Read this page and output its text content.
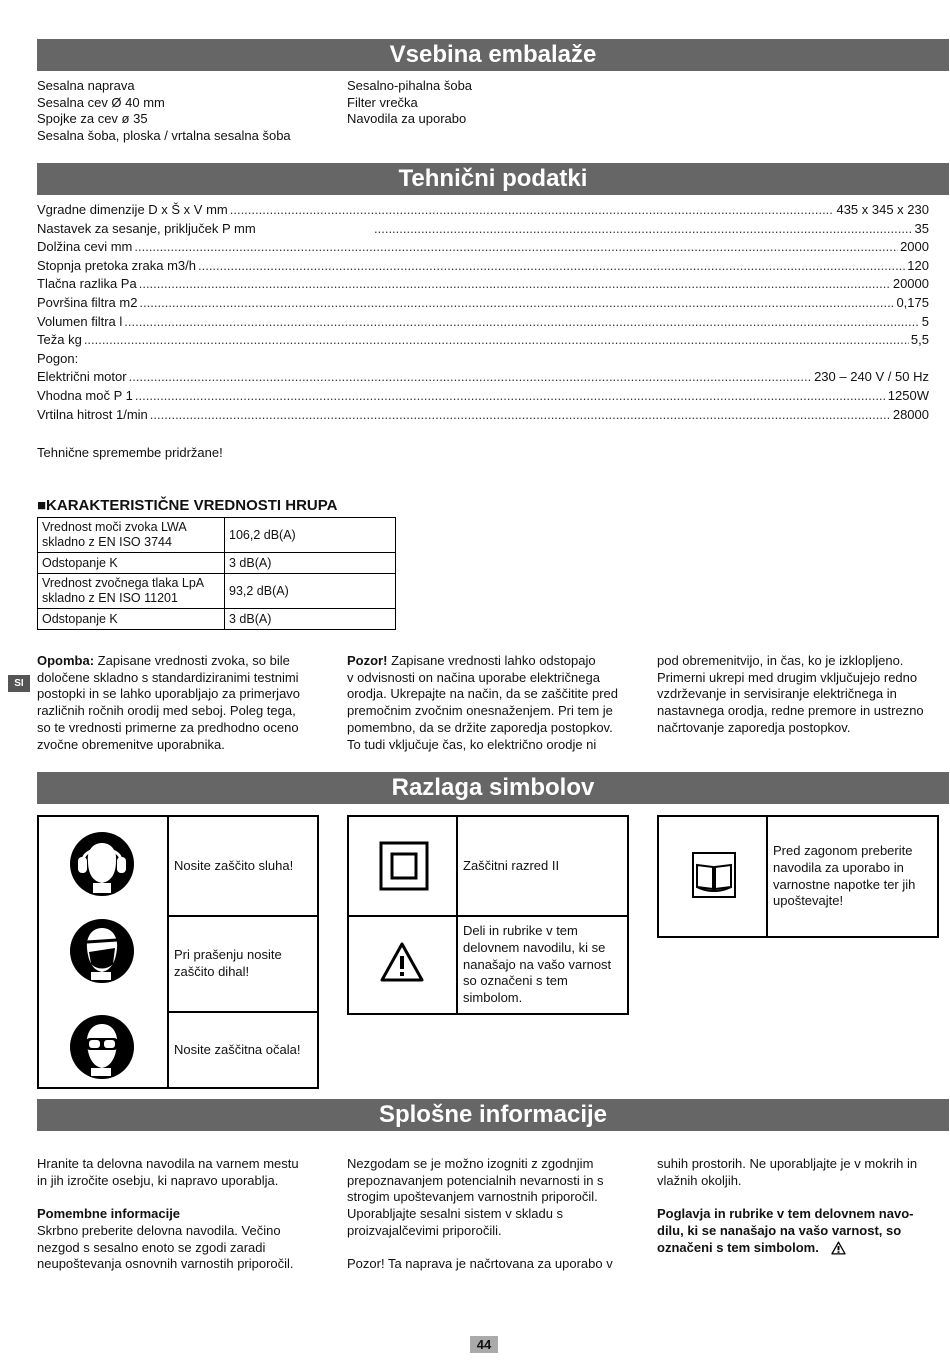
Vsebina embalaže
Tehnični podatki
Razlaga simbolov
Splošne informacije
Sesalna naprava
Sesalna cev Ø 40 mm
Spojke za cev ø 35
Sesalna šoba, ploska / vrtalna sesalna šoba
Sesalno-pihalna šoba
Filter vrečka
Navodila za uporabo
Vgradne dimenzije D x Š x V mm .....	435 x 345 x 230
Nastavek za sesanje, priključek P mm .....	35
Dolžina cevi mm .....	2000
Stopnja pretoka zraka m3/h .....	120
Tlačna razlika Pa .....	20000
Površina filtra m2 .....	0,175
Volumen filtra l .....	5
Teža kg .....	5,5
Pogon:
Električni motor .....	230 – 240 V / 50 Hz
Vhodna moč P 1 .....	1250W
Vrtilna hitrost 1/min .....	28000
Tehnične spremembe pridržane!
■KARAKTERISTIČNE VREDNOSTI HRUPA
Vrednost moči zvoka LWA
skladno z EN ISO 3744	106,2 dB(A)
Odstopanje K	3 dB(A)

Vrednost zvočnega tlaka LpA
skladno z EN ISO 11201	93,2 dB(A)
Odstopanje K	3 dB(A)
SI
Opomba: Zapisane vrednosti zvoka, so bile
določene skladno s standardiziranimi testnimi
postopki in se lahko uporabljajo za primerjavo
različnih ročnih orodij med seboj. Poleg tega,
so te vrednosti primerne za predhodno oceno
zvočne obremenitve uporabnika.
Pozor! Zapisane vrednosti lahko odstopajo
v odvisnosti on načina uporabe električnega
orodja. Ukrepajte na način, da se zaščitite pred
premočnim zvočnim onesnaženjem. Pri tem je
pomembno, da se držite zaporedja postopkov.
To tudi vključuje čas, ko električno orodje ni
pod obremenitvijo, in čas, ko je izklopljeno.
Primerni ukrepi med drugim vključujejo redno
vzdrževanje in servisiranje električnega in
nastavnega orodja, redne premore in ustrezno
načrtovanje zaporedja postopkov.
Nosite zaščito sluha!
Pri prašenju nosite
zaščito dihal!
Nosite zaščitna očala!
Zaščitni razred II
Deli in rubrike v tem
delovnem navodilu, ki se
nanašajo na vašo varnost
so označeni s tem
simbolom.
Pred zagonom preberite
navodila za uporabo in
varnostne napotke ter jih
upoštevajte!
Hranite ta delovna navodila na varnem mestu
in jih izročite osebju, ki napravo uporablja.
Pomembne informacije
Skrbno preberite delovna navodila. Večino
nezgod s sesalno enoto se zgodi zaradi
neupoštevanja osnovnih varnostih priporočil.
Nezgodam se je možno izogniti z zgodnjim
prepoznavanjem potencialnih nevarnosti in s
strogim upoštevanjem varnostnih priporočil.
Uporabljajte sesalni sistem v skladu s
proizvajalčevimi priporočili.
Pozor! Ta naprava je načrtovana za uporabo v
suhih prostorih. Ne uporabljajte je v mokrih in
vlažnih okoljih.
Poglavja in rubrike v tem delovnem navo-
dilu, ki se nanašajo na vašo varnost, so
označeni s tem simbolom.
44
